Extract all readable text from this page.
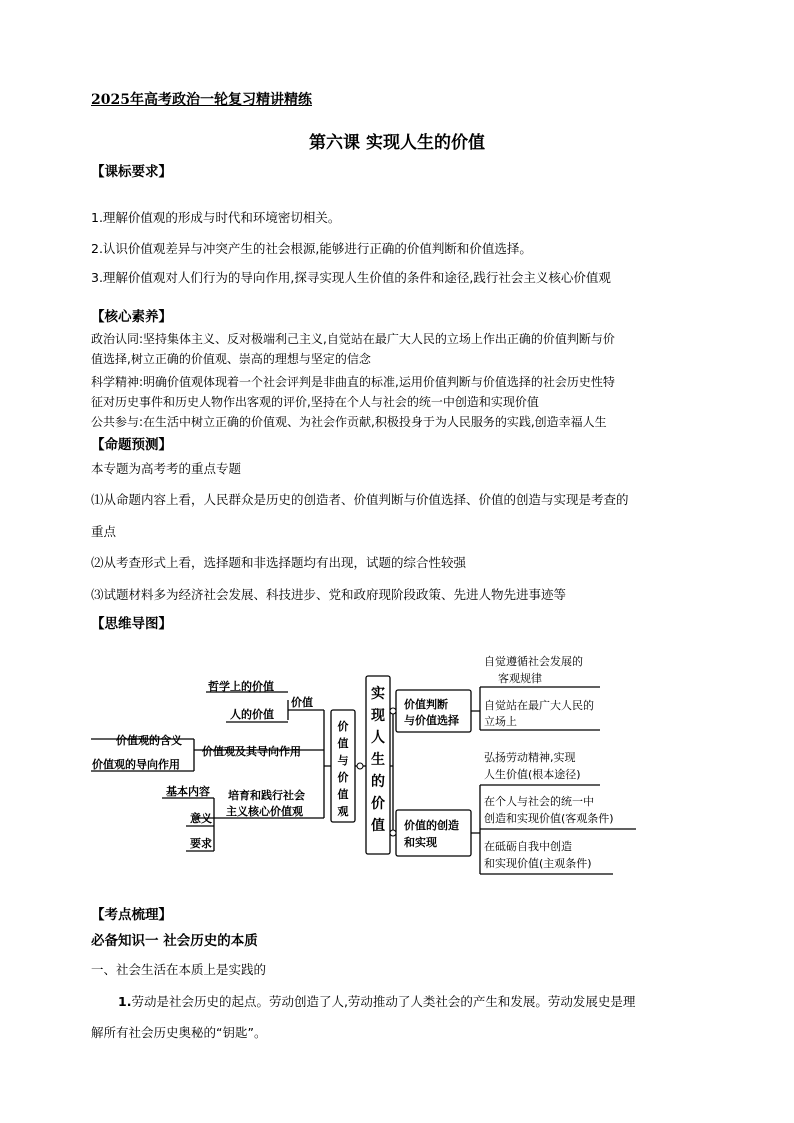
2025年高考政治一轮复习精讲精练
第六课 实现人生的价值
【课标要求】
1.理解价值观的形成与时代和环境密切相关。
2.认识价值观差异与冲突产生的社会根源,能够进行正确的价值判断和价值选择。
3.理解价值观对人们行为的导向作用,探寻实现人生价值的条件和途径,践行社会主义核心价值观
【核心素养】
政治认同:坚持集体主义、反对极端利己主义,自觉站在最广大人民的立场上作出正确的价值判断与价
值选择,树立正确的价值观、崇高的理想与坚定的信念
科学精神:明确价值观体现着一个社会评判是非曲直的标准,运用价值判断与价值选择的社会历史性特
征对历史事件和历史人物作出客观的评价,坚持在个人与社会的统一中创造和实现价值
公共参与:在生活中树立正确的价值观、为社会作贡献,积极投身于为人民服务的实践,创造幸福人生
【命题预测】
本专题为高考考的重点专题
⑴从命题内容上看，人民群众是历史的创造者、价值判断与价值选择、价值的创造与实现是考查的
重点
⑵从考查形式上看，选择题和非选择题均有出现，试题的综合性较强
⑶试题材料多为经济社会发展、科技进步、党和政府现阶段政策、先进人物先进事迹等
【思维导图】
实
现
人
生
的
价
值
价
值
与
价
值
观
价值
哲学上的价值
人的价值
价值观及其导向作用
价值观的含义
价值观的导向作用
培育和践行社会
主义核心价值观
基本内容
意义
要求
价值判断
与价值选择
价值的创造
和实现
自觉遵循社会发展的
客观规律
自觉站在最广大人民的
立场上
弘扬劳动精神,实现
人生价值(根本途径)
在个人与社会的统一中
创造和实现价值(客观条件)
在砥砺自我中创造
和实现价值(主观条件)
【考点梳理】
必备知识一 社会历史的本质
一、社会生活在本质上是实践的
1.劳动是社会历史的起点。劳动创造了人,劳动推动了人类社会的产生和发展。劳动发展史是理
解所有社会历史奥秘的“钥匙”。
